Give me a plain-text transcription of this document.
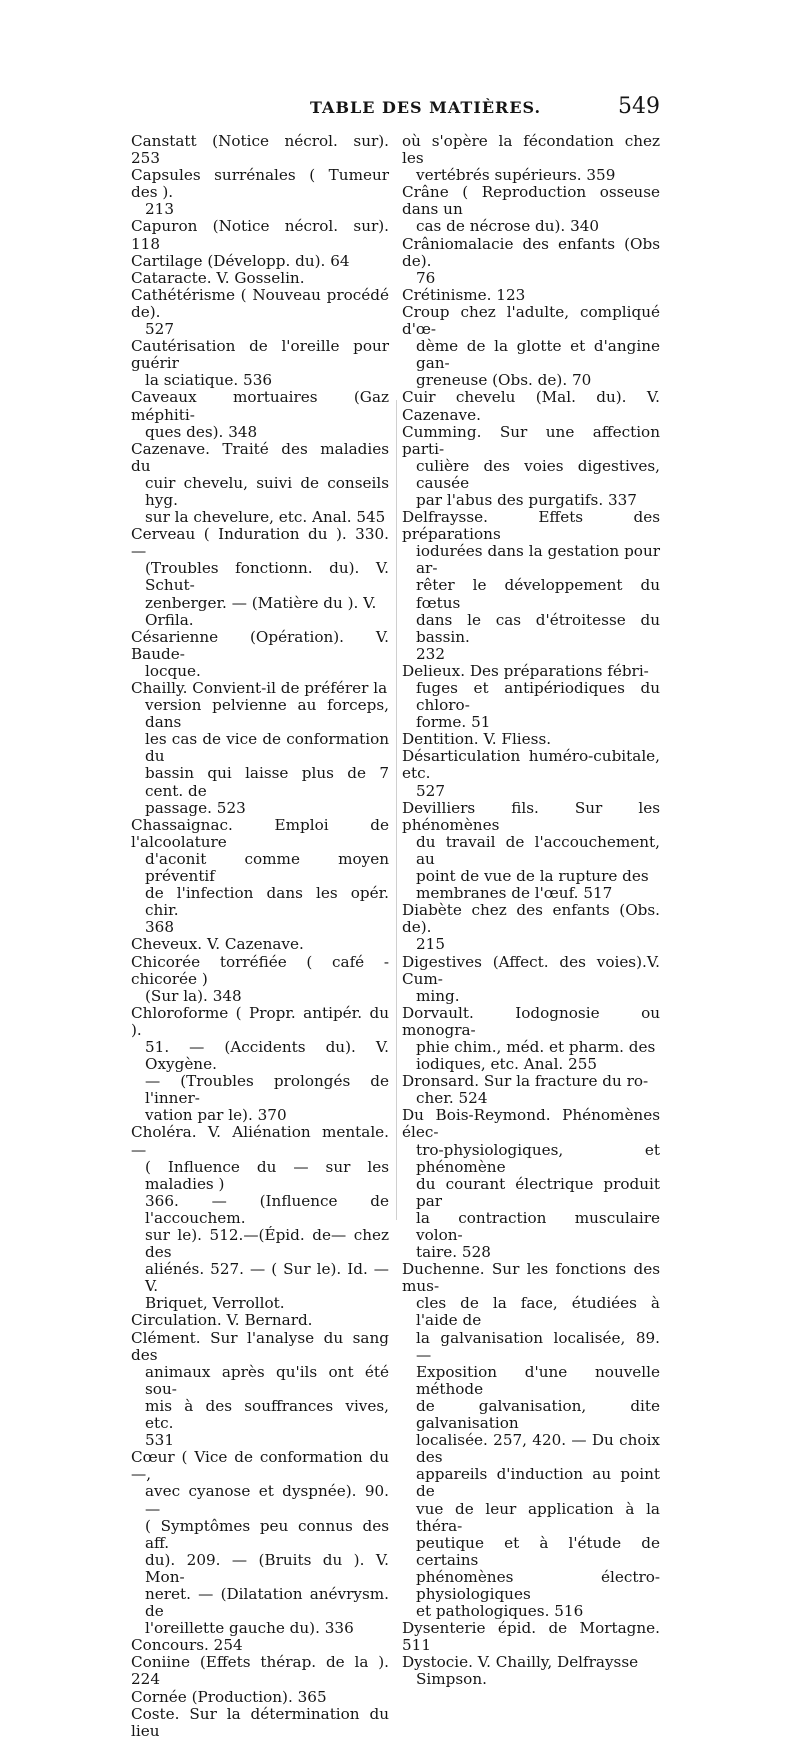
TABLE DES MATIÈRES.	549
Canstatt (Notice nécrol. sur). 253
Capsules surrénales ( Tumeur des ).
213
Capuron (Notice nécrol. sur). 118
Cartilage (Développ. du). 64
Cataracte. V. Gosselin.
Cathétérisme ( Nouveau procédé de).
527
Cautérisation de l'oreille pour guérir
la sciatique. 536
Caveaux mortuaires (Gaz méphiti-
ques des). 348
Cazenave. Traité des maladies du
cuir chevelu, suivi de conseils hyg.
sur la chevelure, etc. Anal. 545
Cerveau ( Induration du ). 330. —
(Troubles fonctionn. du). V. Schut-
zenberger. — (Matière du ). V.
Orfila.
Césarienne (Opération). V. Baude-
locque.
Chailly. Convient-il de préférer la
version pelvienne au forceps, dans
les cas de vice de conformation du
bassin qui laisse plus de 7 cent. de
passage. 523
Chassaignac. Emploi de l'alcoolature
d'aconit comme moyen préventif
de l'infection dans les opér. chir.
368
Cheveux. V. Cazenave.
Chicorée torréfiée ( café - chicorée )
(Sur la). 348
Chloroforme ( Propr. antipér. du ).
51. — (Accidents du). V. Oxygène.
— (Troubles prolongés de l'inner-
vation par le). 370
Choléra. V. Aliénation mentale. —
( Influence du — sur les maladies )
366. — (Influence de l'accouchem.
sur le). 512.—(Épid. de— chez des
aliénés. 527. — ( Sur le). Id. — V.
Briquet, Verrollot.
Circulation. V. Bernard.
Clément. Sur l'analyse du sang des
animaux après qu'ils ont été sou-
mis à des souffrances vives, etc.
531
Cœur ( Vice de conformation du—,
avec cyanose et dyspnée). 90. —
( Symptômes peu connus des aff.
du). 209. — (Bruits du ). V. Mon-
neret. — (Dilatation anévrysm. de
l'oreillette gauche du). 336
Concours. 254
Coniine (Effets thérap. de la ). 224
Cornée (Production). 365
Coste. Sur la détermination du lieu
où s'opère la fécondation chez les
vertébrés supérieurs. 359
Crâne ( Reproduction osseuse dans un
cas de nécrose du). 340
Crâniomalacie des enfants (Obs de).
76
Crétinisme. 123
Croup chez l'adulte, compliqué d'œ-
dème de la glotte et d'angine gan-
greneuse (Obs. de). 70
Cuir chevelu (Mal. du). V. Cazenave.
Cumming. Sur une affection parti-
culière des voies digestives, causée
par l'abus des purgatifs. 337
Delfraysse. Effets des préparations
iodurées dans la gestation pour ar-
rêter le développement du fœtus
dans le cas d'étroitesse du bassin.
232
Delieux. Des préparations fébri-
fuges et antipériodiques du chloro-
forme. 51
Dentition. V. Fliess.
Désarticulation huméro-cubitale, etc.
527
Devilliers fils. Sur les phénomènes
du travail de l'accouchement, au
point de vue de la rupture des
membranes de l'œuf. 517
Diabète chez des enfants (Obs. de).
215
Digestives (Affect. des voies).V. Cum-
ming.
Dorvault. Iodognosie ou monogra-
phie chim., méd. et pharm. des
iodiques, etc. Anal. 255
Dronsard. Sur la fracture du ro-
cher. 524
Du Bois-Reymond. Phénomènes élec-
tro-physiologiques, et phénomène
du courant électrique produit par
la contraction musculaire volon-
taire. 528
Duchenne. Sur les fonctions des mus-
cles de la face, étudiées à l'aide de
la galvanisation localisée, 89. —
Exposition d'une nouvelle méthode
de galvanisation, dite galvanisation
localisée. 257, 420. — Du choix des
appareils d'induction au point de
vue de leur application à la théra-
peutique et à l'étude de certains
phénomènes électro-physiologiques
et pathologiques. 516
Dysenterie épid. de Mortagne. 511
Dystocie. V. Chailly, Delfraysse
Simpson.
